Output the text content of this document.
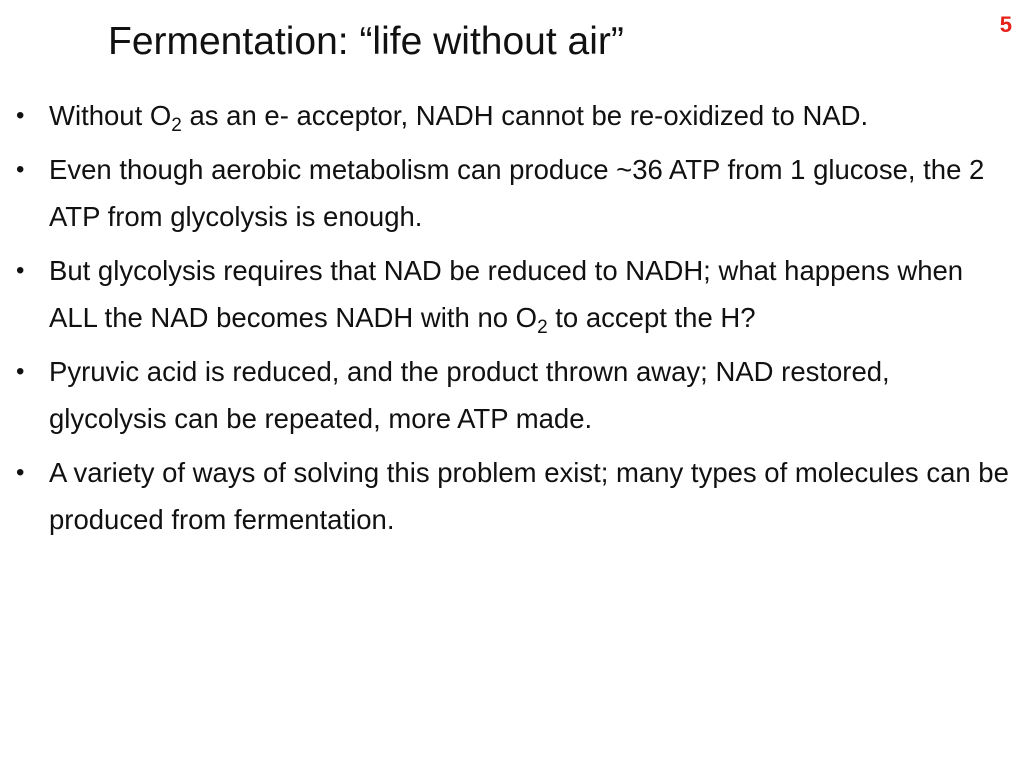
5
Fermentation: “life without air”
• Without $O_2$ as an e- acceptor, NADH cannot be re-oxidized to NAD.
• Even though aerobic metabolism can produce ~36 ATP from 1 glucose, the 2 ATP from glycolysis is enough.
• But glycolysis requires that NAD be reduced to NADH; what happens when ALL the NAD becomes NADH with no $O_2$ to accept the H?
• Pyruvic acid is reduced, and the product thrown away; NAD restored, glycolysis can be repeated, more ATP made.
• A variety of ways of solving this problem exist; many types of molecules can be produced from fermentation.
